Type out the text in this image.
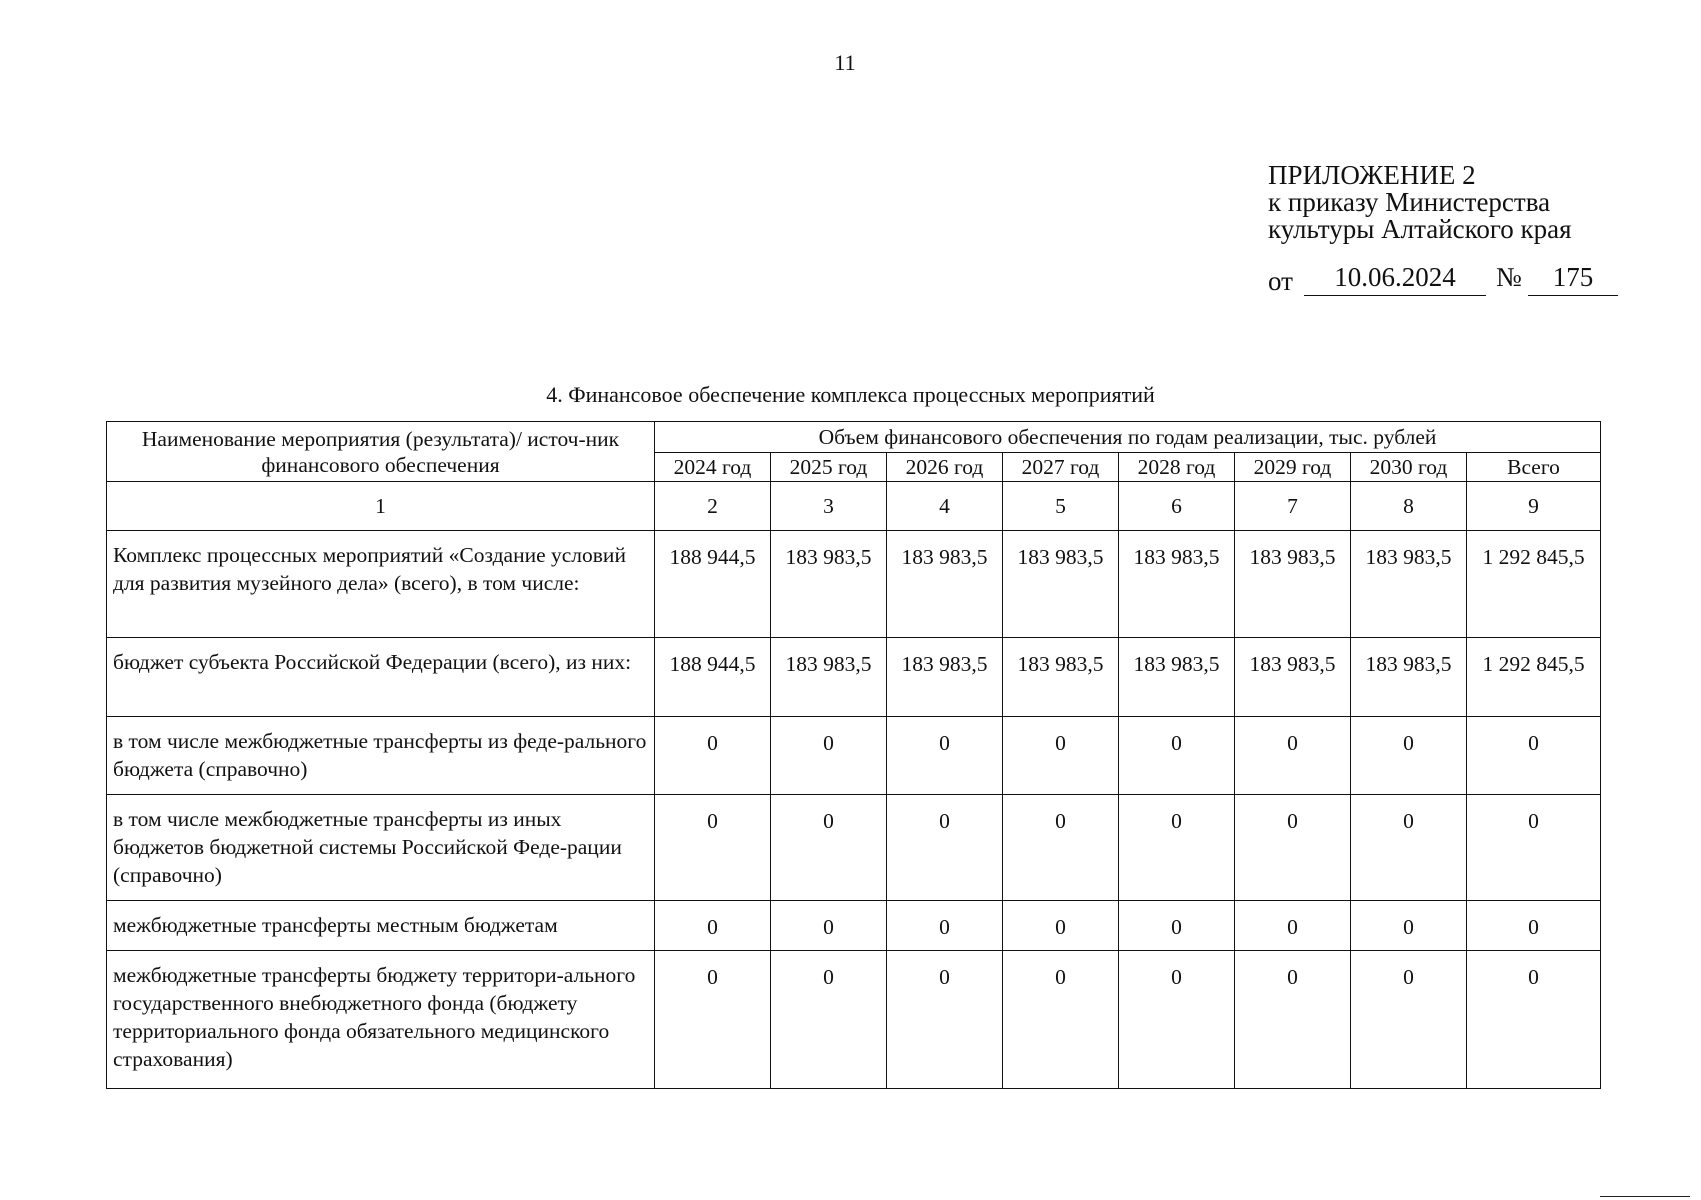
11
ПРИЛОЖЕНИЕ 2
к приказу Министерства
культуры Алтайского края
от	10.06.2024	№	175
4. Финансовое обеспечение комплекса процессных мероприятий
Наименование мероприятия (результата)/ источ-ник финансового обеспечения	Объем финансового обеспечения по годам реализации, тыс. рублей							
	2024 год	2025 год	2026 год	2027 год	2028 год	2029 год	2030 год	Всего
1	2	3	4	5	6	7	8	9
Комплекс процессных мероприятий «Создание условий для развития музейного дела» (всего), в том числе:	188 944,5	183 983,5	183 983,5	183 983,5	183 983,5	183 983,5	183 983,5	1 292 845,5
бюджет субъекта Российской Федерации (всего), из них:	188 944,5	183 983,5	183 983,5	183 983,5	183 983,5	183 983,5	183 983,5	1 292 845,5
в том числе межбюджетные трансферты из феде-рального бюджета (справочно)	0	0	0	0	0	0	0	0
в том числе межбюджетные трансферты из иных бюджетов бюджетной системы Российской Феде-рации (справочно)	0	0	0	0	0	0	0	0
межбюджетные трансферты местным бюджетам	0	0	0	0	0	0	0	0
межбюджетные трансферты бюджету территори-ального государственного внебюджетного фонда (бюджету территориального фонда обязательного медицинского страхования)	0	0	0	0	0	0	0	0
